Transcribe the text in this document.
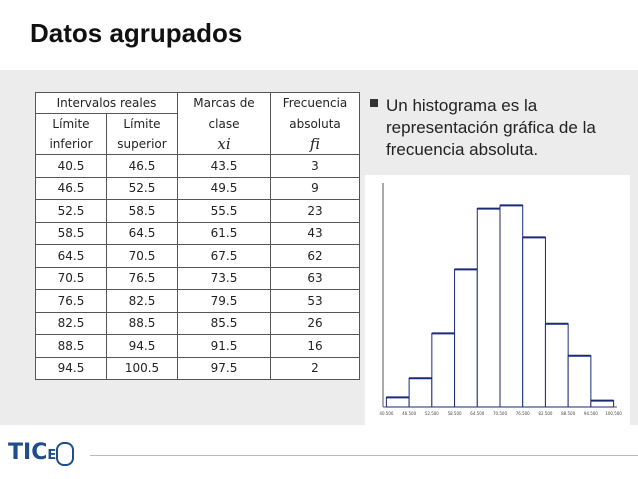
Datos agrupados
Intervalos reales		Marcas de	Frecuencia
Límite	Límite	clase	absoluta
inferior	superior	𝑥𝑖	𝑓𝑖
40.5	46.5	43.5	3
46.5	52.5	49.5	9
52.5	58.5	55.5	23
58.5	64.5	61.5	43
64.5	70.5	67.5	62
70.5	76.5	73.5	63
76.5	82.5	79.5	53
82.5	88.5	85.5	26
88.5	94.5	91.5	16
94.5	100.5	97.5	2
Un histograma es la representación gráfica de la frecuencia absoluta.
40.500 46.500 52.500 58.500 64.500 70.500 76.500 82.500 88.500 94.500 100.500
TICE
